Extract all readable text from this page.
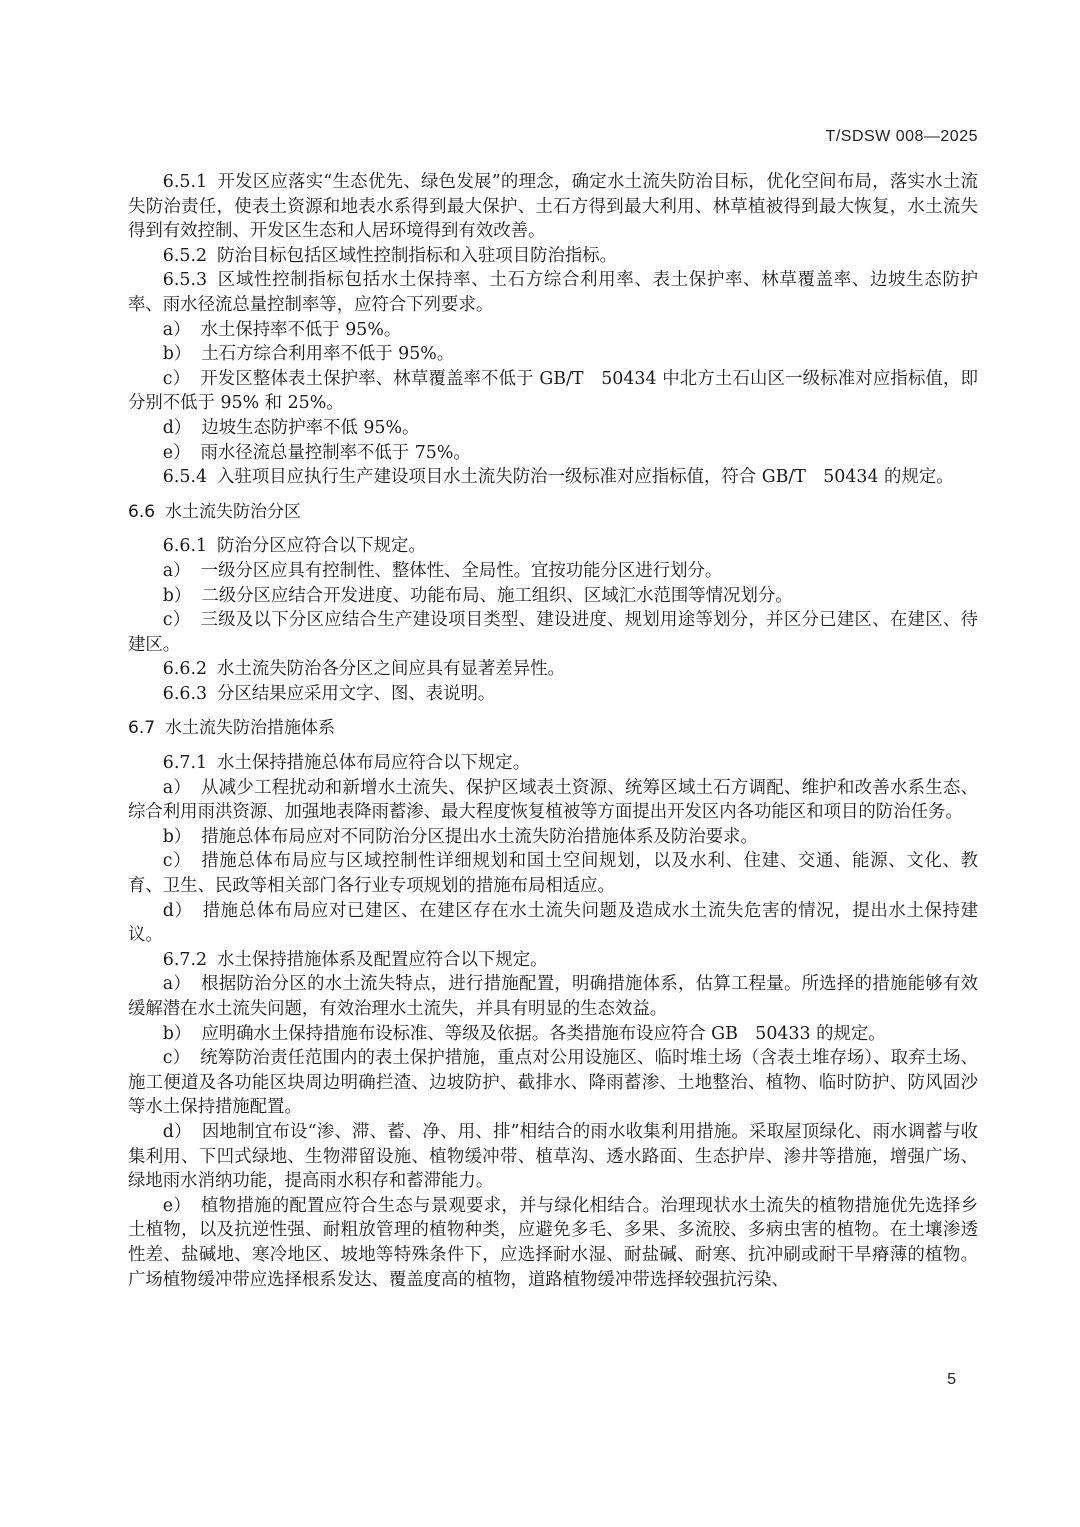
T/SDSW 008—2025

6.5.1 开发区应落实“生态优先、绿色发展”的理念，确定水土流失防治目标，优化空间布局，落实水土流失防治责任，使表土资源和地表水系得到最大保护、土石方得到最大利用、林草植被得到最大恢复，水土流失得到有效控制、开发区生态和人居环境得到有效改善。

6.5.2 防治目标包括区域性控制指标和入驻项目防治指标。

6.5.3 区域性控制指标包括水土保持率、土石方综合利用率、表土保护率、林草覆盖率、边坡生态防护率、雨水径流总量控制率等，应符合下列要求。

a） 水土保持率不低于 95%。

b） 土石方综合利用率不低于 95%。

c） 开发区整体表土保护率、林草覆盖率不低于 GB/T　50434 中北方土石山区一级标准对应指标值，即分别不低于 95% 和 25%。

d） 边坡生态防护率不低 95%。

e） 雨水径流总量控制率不低于 75%。

6.5.4 入驻项目应执行生产建设项目水土流失防治一级标准对应指标值，符合 GB/T　50434 的规定。

6.6 水土流失防治分区

6.6.1 防治分区应符合以下规定。

a） 一级分区应具有控制性、整体性、全局性。宜按功能分区进行划分。

b） 二级分区应结合开发进度、功能布局、施工组织、区域汇水范围等情况划分。

c） 三级及以下分区应结合生产建设项目类型、建设进度、规划用途等划分，并区分已建区、在建区、待建区。

6.6.2 水土流失防治各分区之间应具有显著差异性。

6.6.3 分区结果应采用文字、图、表说明。

6.7 水土流失防治措施体系

6.7.1 水土保持措施总体布局应符合以下规定。

a） 从减少工程扰动和新增水土流失、保护区域表土资源、统筹区域土石方调配、维护和改善水系生态、综合利用雨洪资源、加强地表降雨蓄渗、最大程度恢复植被等方面提出开发区内各功能区和项目的防治任务。

b） 措施总体布局应对不同防治分区提出水土流失防治措施体系及防治要求。

c） 措施总体布局应与区域控制性详细规划和国土空间规划，以及水利、住建、交通、能源、文化、教育、卫生、民政等相关部门各行业专项规划的措施布局相适应。

d） 措施总体布局应对已建区、在建区存在水土流失问题及造成水土流失危害的情况，提出水土保持建议。

6.7.2 水土保持措施体系及配置应符合以下规定。

a） 根据防治分区的水土流失特点，进行措施配置，明确措施体系，估算工程量。所选择的措施能够有效缓解潜在水土流失问题，有效治理水土流失，并具有明显的生态效益。

b） 应明确水土保持措施布设标准、等级及依据。各类措施布设应符合 GB　50433 的规定。

c） 统筹防治责任范围内的表土保护措施，重点对公用设施区、临时堆土场（含表土堆存场）、取弃土场、施工便道及各功能区块周边明确拦渣、边坡防护、截排水、降雨蓄渗、土地整治、植物、临时防护、防风固沙等水土保持措施配置。

d） 因地制宜布设“渗、滞、蓄、净、用、排”相结合的雨水收集利用措施。采取屋顶绿化、雨水调蓄与收集利用、下凹式绿地、生物滞留设施、植物缓冲带、植草沟、透水路面、生态护岸、渗井等措施，增强广场、绿地雨水消纳功能，提高雨水积存和蓄滞能力。

e） 植物措施的配置应符合生态与景观要求，并与绿化相结合。治理现状水土流失的植物措施优先选择乡土植物，以及抗逆性强、耐粗放管理的植物种类，应避免多毛、多果、多流胶、多病虫害的植物。在土壤渗透性差、盐碱地、寒冷地区、坡地等特殊条件下，应选择耐水湿、耐盐碱、耐寒、抗冲刷或耐干旱瘠薄的植物。广场植物缓冲带应选择根系发达、覆盖度高的植物，道路植物缓冲带选择较强抗污染、

5
